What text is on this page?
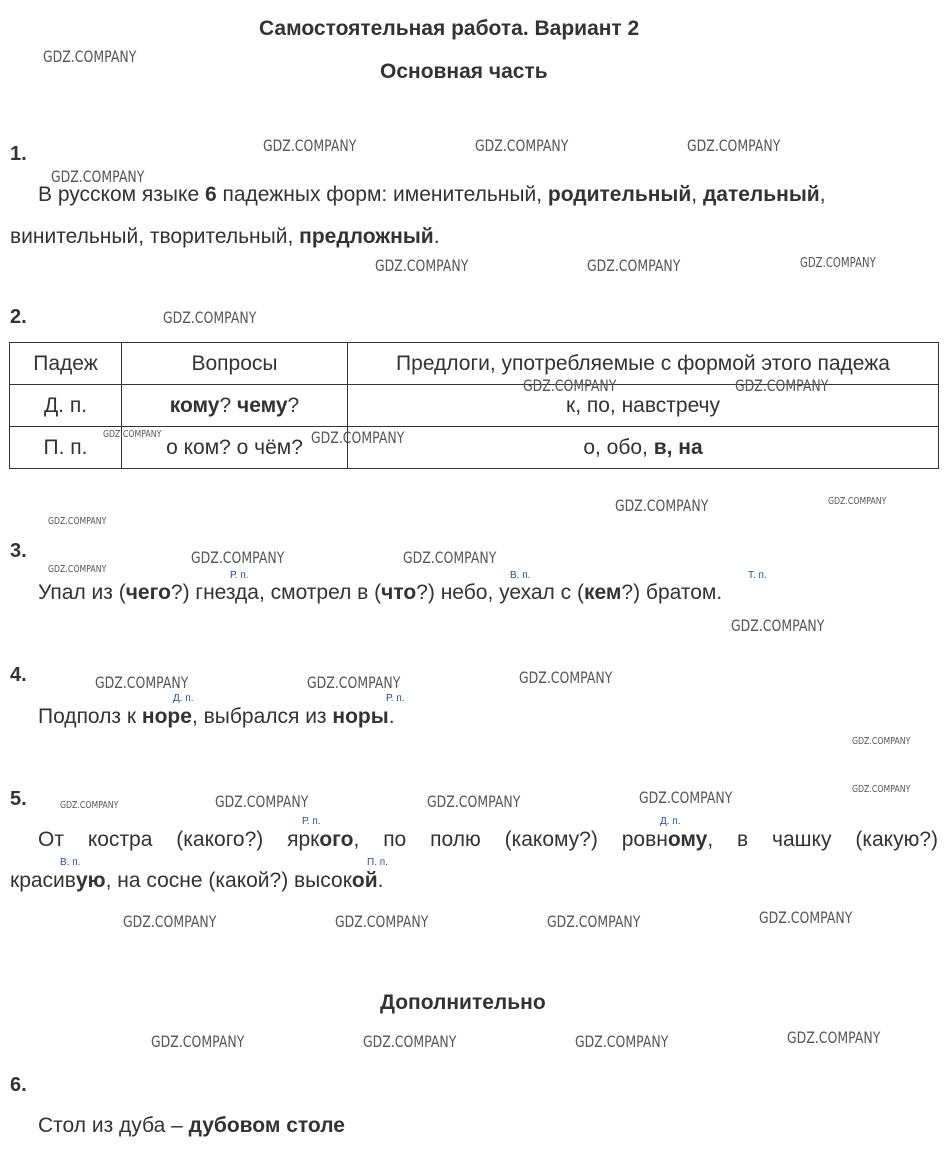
Самостоятельная работа. Вариант 2
Основная часть
1.
В русском языке 6 падежных форм: именительный, родительный, дательный,
винительный, творительный, предложный.
2.
Падеж	Вопросы	Предлоги, употребляемые с формой этого падежа
Д. п.	кому? чему?	к, по, навстречу
П. п.	о ком? о чём?	о, обо, в, на
3.
Р. п.	В. п.	Т. п.
Упал из (чего?) гнезда, смотрел в (что?) небо, уехал с (кем?) братом.
4.
Д. п.	Р. п.
Подполз к норе, выбрался из норы.
5.
Р. п.	Д. п.
От костра (какого?) яркого, по полю (какому?) ровному, в чашку (какую?)
В. п.	П. п.
красивую, на сосне (какой?) высокой.
Дополнительно
6.
Стол из дуба – дубовом столе
GDZ.COMPANY
GDZ.COMPANY	GDZ.COMPANY	GDZ.COMPANY
GDZ.COMPANY
GDZ.COMPANY	GDZ.COMPANY	GDZ.COMPANY
GDZ.COMPANY
GDZ.COMPANY	GDZ.COMPANY
GDZ.COMPANY	GDZ.COMPANY
GDZ.COMPANY	GDZ.COMPANY
GDZ.COMPANY
GDZ.COMPANY	GDZ.COMPANY
GDZ.COMPANY
GDZ.COMPANY
GDZ.COMPANY	GDZ.COMPANY	GDZ.COMPANY
GDZ.COMPANY
GDZ.COMPANY
GDZ.COMPANY	GDZ.COMPANY	GDZ.COMPANY	GDZ.COMPANY
GDZ.COMPANY	GDZ.COMPANY	GDZ.COMPANY	GDZ.COMPANY
GDZ.COMPANY	GDZ.COMPANY	GDZ.COMPANY	GDZ.COMPANY
